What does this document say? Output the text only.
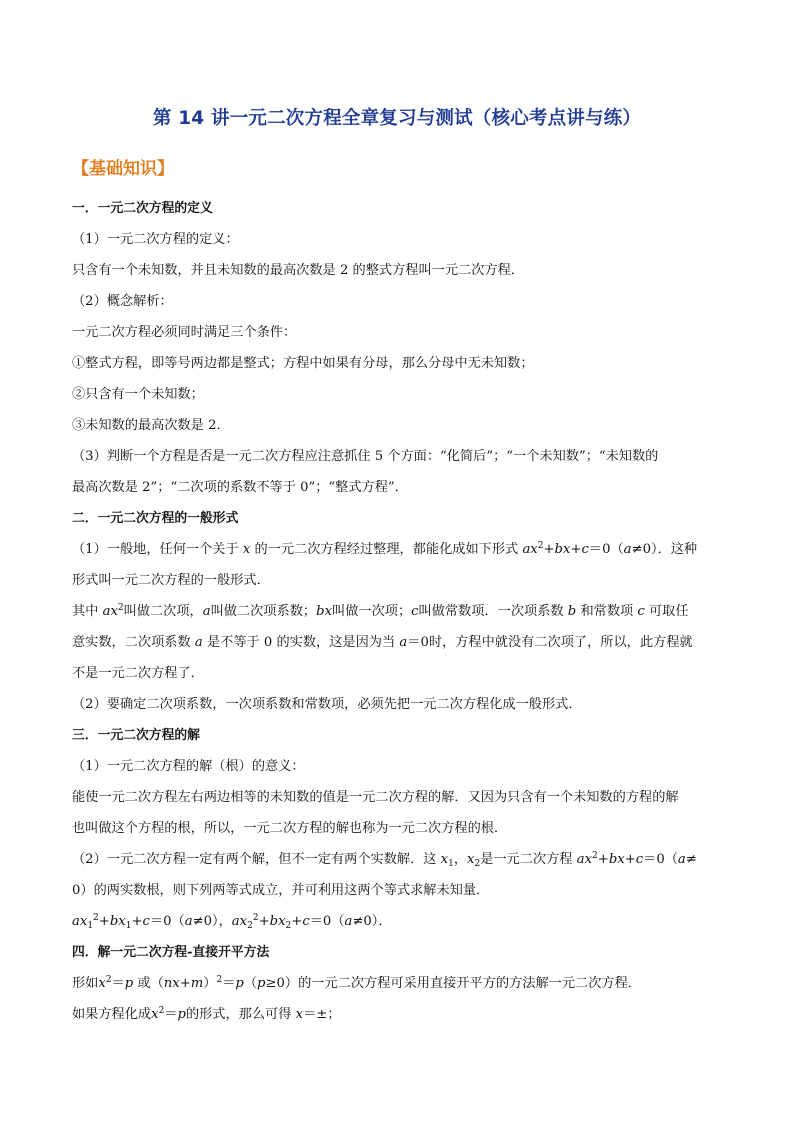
第 14 讲一元二次方程全章复习与测试（核心考点讲与练）
【基础知识】
一．一元二次方程的定义
（1）一元二次方程的定义：
只含有一个未知数，并且未知数的最高次数是 2 的整式方程叫一元二次方程．
（2）概念解析：
一元二次方程必须同时满足三个条件：
①整式方程，即等号两边都是整式；方程中如果有分母，那么分母中无未知数；
②只含有一个未知数；
③未知数的最高次数是 2．
（3）判断一个方程是否是一元二次方程应注意抓住 5 个方面：“化简后”；“一个未知数”；“未知数的
最高次数是 2”；“二次项的系数不等于 0”；“整式方程”．
二．一元二次方程的一般形式
（1）一般地，任何一个关于 x 的一元二次方程经过整理，都能化成如下形式 $ax^2+bx+c=0(a\ne 0)$．这种
形式叫一元二次方程的一般形式．
其中 $ax^2$叫做二次项，a叫做二次项系数；bx叫做一次项；c叫做常数项．一次项系数 b 和常数项 c 可取任
意实数，二次项系数 a 是不等于 0 的实数，这是因为当 a＝0时，方程中就没有二次项了，所以，此方程就
不是一元二次方程了．
（2）要确定二次项系数，一次项系数和常数项，必须先把一元二次方程化成一般形式．
三．一元二次方程的解
（1）一元二次方程的解（根）的意义：
能使一元二次方程左右两边相等的未知数的值是一元二次方程的解．又因为只含有一个未知数的方程的解
也叫做这个方程的根，所以，一元二次方程的解也称为一元二次方程的根．
（2）一元二次方程一定有两个解，但不一定有两个实数解．这 $x_1$，$x_2$是一元二次方程 $ax^2+bx+c=0(a\ne$
0）的两实数根，则下列两等式成立，并可利用这两个等式求解未知量．
$ax_1^2+bx_1+c=0(a\ne 0)$，$ax_2^2+bx_2+c=0(a\ne 0)$．
四．解一元二次方程-直接开平方法
形如$x^2=p$ 或$(nx+m)^2=p(p\ge 0)$的一元二次方程可采用直接开平方的方法解一元二次方程．
如果方程化成$x^2=p$的形式，那么可得 x＝±；
